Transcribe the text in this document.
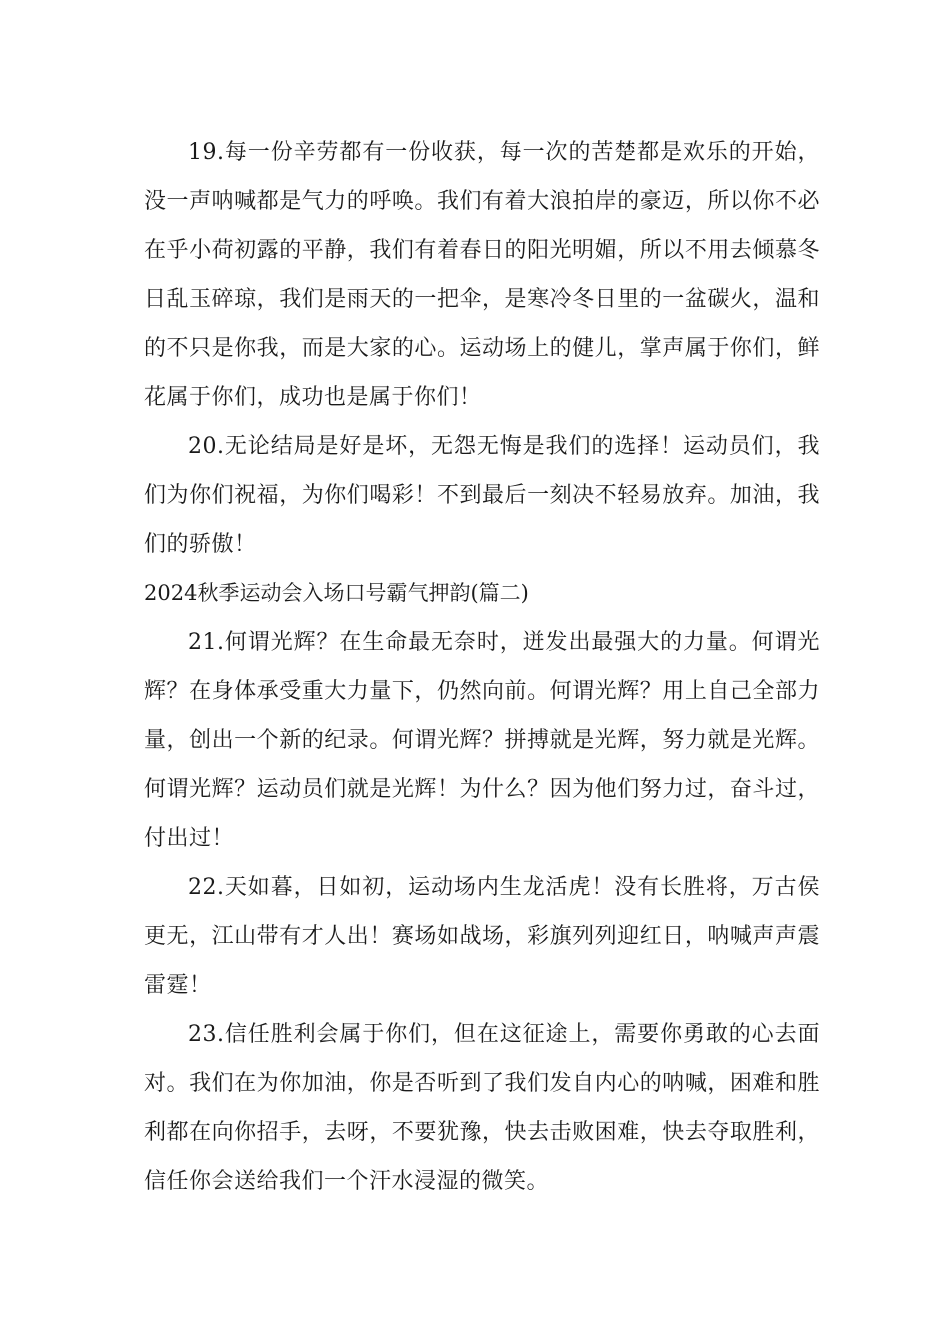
19.每一份辛劳都有一份收获，每一次的苦楚都是欢乐的开始，没一声呐喊都是气力的呼唤。我们有着大浪拍岸的豪迈，所以你不必在乎小荷初露的平静，我们有着春日的阳光明媚，所以不用去倾慕冬日乱玉碎琼，我们是雨天的一把伞，是寒冷冬日里的一盆碳火，温和的不只是你我，而是大家的心。运动场上的健儿，掌声属于你们，鲜花属于你们，成功也是属于你们！

20.无论结局是好是坏，无怨无悔是我们的选择！运动员们，我们为你们祝福，为你们喝彩！不到最后一刻决不轻易放弃。加油，我们的骄傲！

2024秋季运动会入场口号霸气押韵(篇二)

21.何谓光辉？在生命最无奈时，迸发出最强大的力量。何谓光辉？在身体承受重大力量下，仍然向前。何谓光辉？用上自己全部力量，创出一个新的纪录。何谓光辉？拼搏就是光辉，努力就是光辉。何谓光辉？运动员们就是光辉！为什么？因为他们努力过，奋斗过，付出过！

22.天如暮，日如初，运动场内生龙活虎！没有长胜将，万古侯更无，江山带有才人出！赛场如战场，彩旗列列迎红日，呐喊声声震雷霆！

23.信任胜利会属于你们，但在这征途上，需要你勇敢的心去面对。我们在为你加油，你是否听到了我们发自内心的呐喊，困难和胜利都在向你招手，去呀，不要犹豫，快去击败困难，快去夺取胜利，信任你会送给我们一个汗水浸湿的微笑。
